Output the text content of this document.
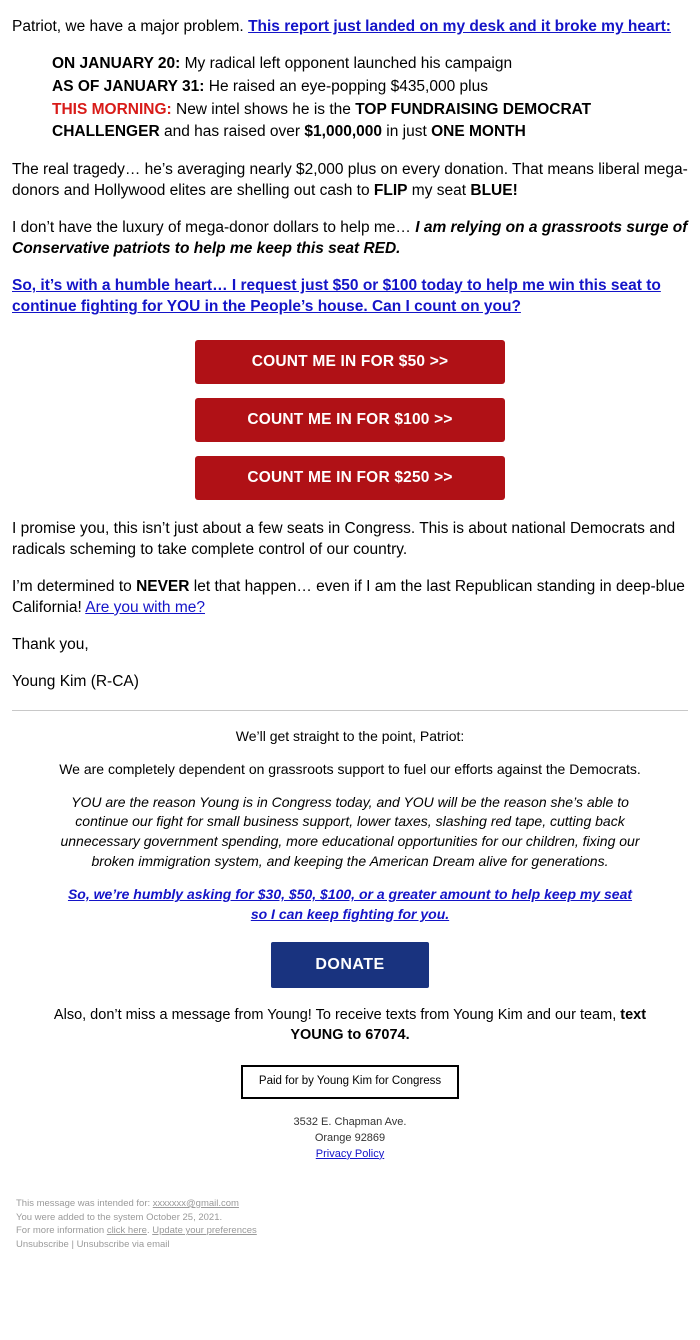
Patriot, we have a major problem. This report just landed on my desk and it broke my heart:

ON JANUARY 20: My radical left opponent launched his campaign
AS OF JANUARY 31: He raised an eye-popping $435,000 plus
THIS MORNING: New intel shows he is the TOP FUNDRAISING DEMOCRAT CHALLENGER and has raised over $1,000,000 in just ONE MONTH

The real tragedy… he’s averaging nearly $2,000 plus on every donation. That means liberal mega-donors and Hollywood elites are shelling out cash to FLIP my seat BLUE!

I don’t have the luxury of mega-donor dollars to help me… I am relying on a grassroots surge of Conservative patriots to help me keep this seat RED.

So, it’s with a humble heart… I request just $50 or $100 today to help me win this seat to continue fighting for YOU in the People’s house. Can I count on you?

COUNT ME IN FOR $50 >>
COUNT ME IN FOR $100 >>
COUNT ME IN FOR $250 >>

I promise you, this isn’t just about a few seats in Congress. This is about national Democrats and radicals scheming to take complete control of our country.

I’m determined to NEVER let that happen… even if I am the last Republican standing in deep-blue California! Are you with me?

Thank you,

Young Kim (R-CA)

We’ll get straight to the point, Patriot:
We are completely dependent on grassroots support to fuel our efforts against the Democrats.
YOU are the reason Young is in Congress today, and YOU will be the reason she’s able to continue our fight for small business support, lower taxes, slashing red tape, cutting back unnecessary government spending, more educational opportunities for our children, fixing our broken immigration system, and keeping the American Dream alive for generations.
So, we’re humbly asking for $30, $50, $100, or a greater amount to help keep my seat so I can keep fighting for you.
DONATE
Also, don’t miss a message from Young! To receive texts from Young Kim and our team, text YOUNG to 67074.
Paid for by Young Kim for Congress
3532 E. Chapman Ave.
Orange 92869
Privacy Policy
This message was intended for: xxxxxxx@gmail.com
You were added to the system October 25, 2021.
For more information click here. Update your preferences
Unsubscribe | Unsubscribe via email
